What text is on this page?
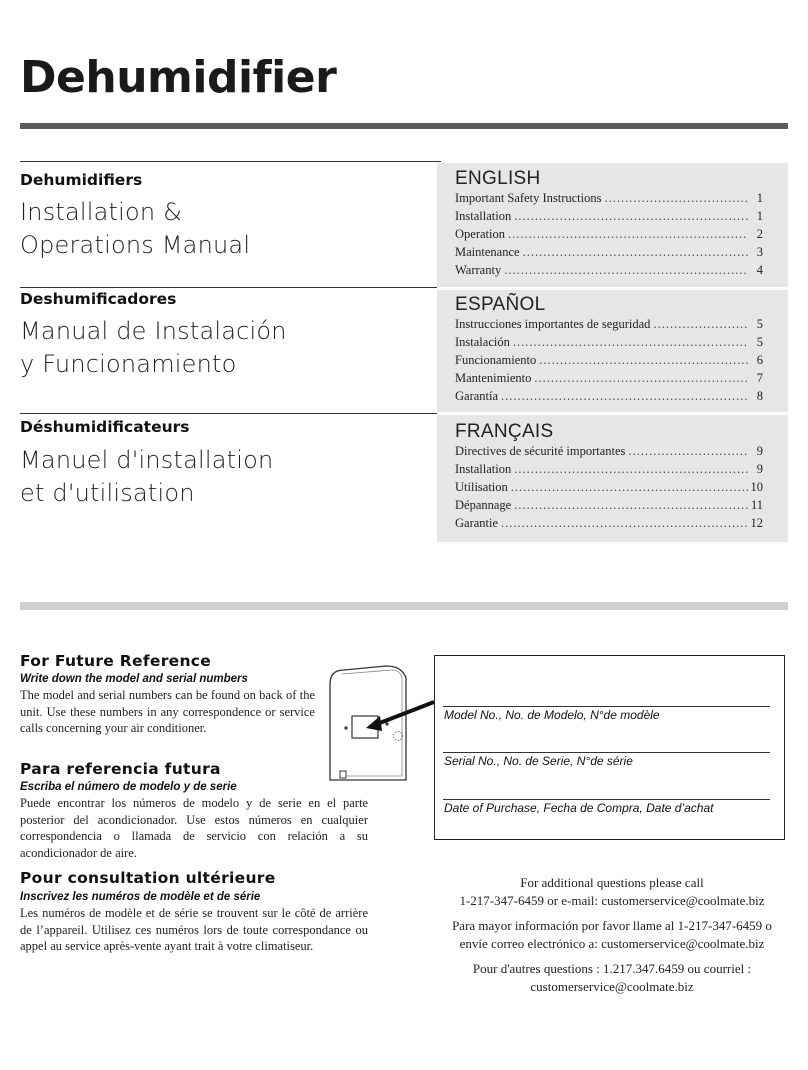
Dehumidifier
Dehumidifiers
Installation &
Operations Manual
Deshumificadores
Manual de Instalación
y Funcionamiento
Déshumidificateurs
Manuel d'installation
et d'utilisation
ENGLISH
Important Safety Instructions .....	1
Installation .....	1
Operation .....	2
Maintenance .....	3
Warranty .....	4
ESPAÑOL
Instrucciones importantes de seguridad .....	5
Instalación .....	5
Funcionamiento .....	6
Mantenimiento .....	7
Garantía .....	8
FRANÇAIS
Directives de sécurité importantes .....	9
Installation .....	9
Utilisation .....	10
Dépannage .....	11
Garantie .....	12
For Future Reference
Write down the model and serial numbers
The model and serial numbers can be found on back of the unit. Use these numbers in any correspondence or service calls concerning your air conditioner.
Para referencia futura
Escriba el número de modelo y de serie
Puede encontrar los números de modelo y de serie en el parte posterior del acondicionador. Use estos números en cualquier correspondencia o llamada de servicio con relación a su acondicionador de aire.
Pour consultation ultérieure
Inscrivez les numéros de modèle et de série
Les numéros de modèle et de série se trouvent sur le côté de arrière de l’appareil. Utilisez ces numéros lors de toute correspondance ou appel au service après-vente ayant trait à votre climatiseur.
Model No., No. de Modelo, N°de modèle
Serial No., No. de Serie, N°de série
Date of Purchase, Fecha de Compra, Date d’achat
For additional questions please call
1-217-347-6459 or e-mail: customerservice@coolmate.biz
Para mayor información por favor llame al 1-217-347-6459 o
envíe correo electrónico a: customerservice@coolmate.biz
Pour d'autres questions : 1.217.347.6459 ou courriel :
customerservice@coolmate.biz
